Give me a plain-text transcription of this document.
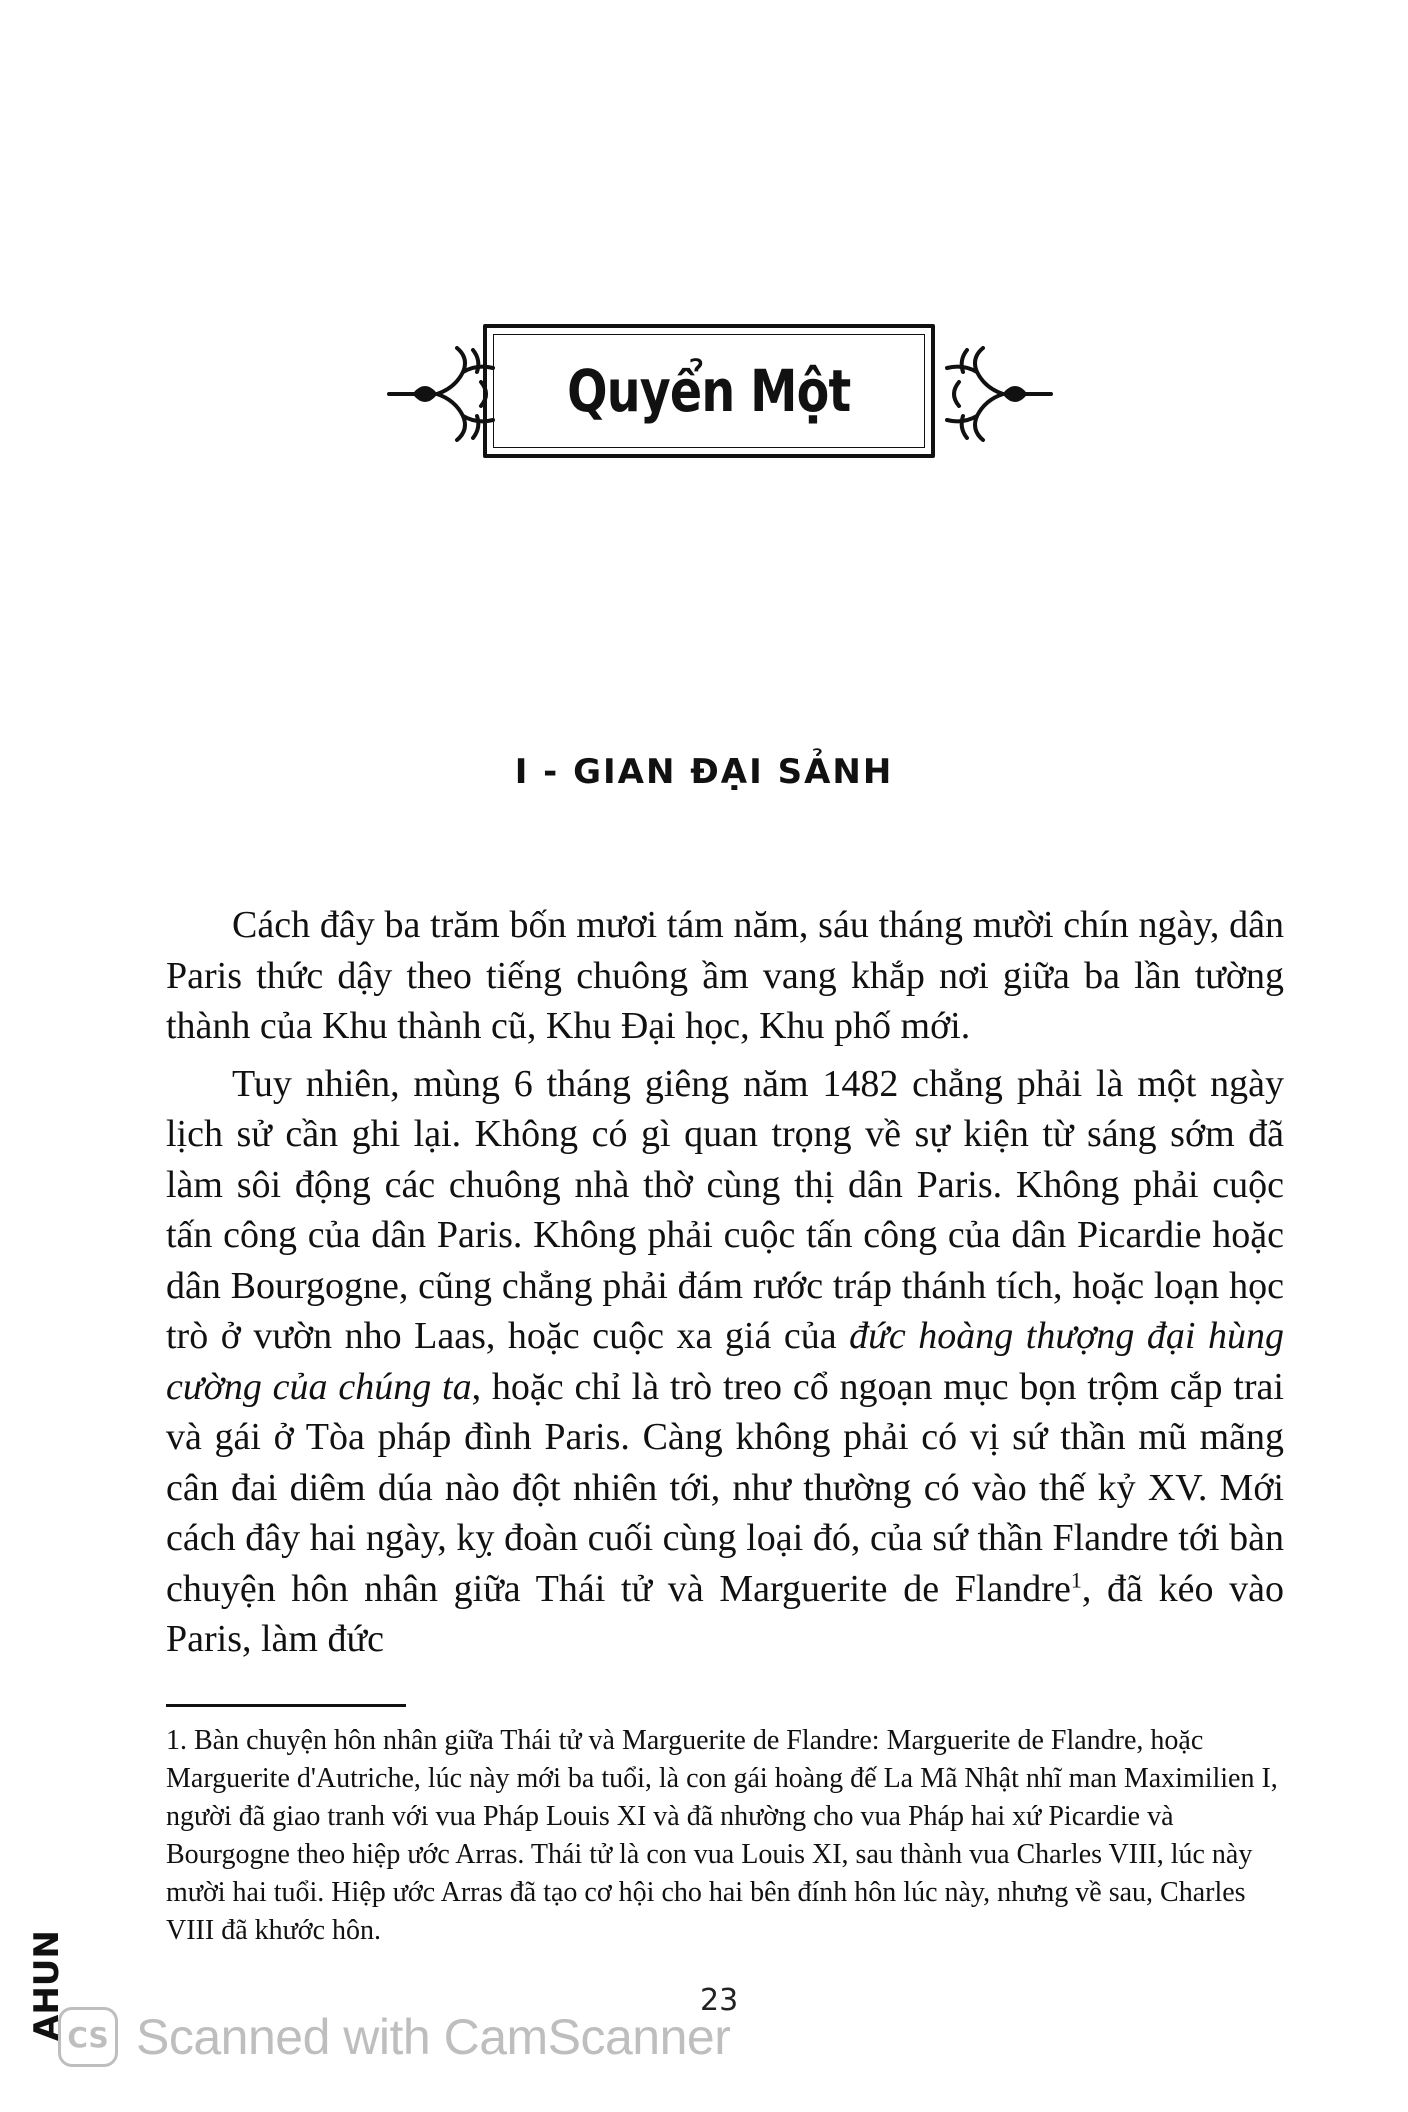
Quyển Một
I - GIAN ĐẠI SẢNH

Cách đây ba trăm bốn mươi tám năm, sáu tháng mười chín ngày, dân Paris thức dậy theo tiếng chuông ầm vang khắp nơi giữa ba lần tường thành của Khu thành cũ, Khu Đại học, Khu phố mới.

Tuy nhiên, mùng 6 tháng giêng năm 1482 chẳng phải là một ngày lịch sử cần ghi lại. Không có gì quan trọng về sự kiện từ sáng sớm đã làm sôi động các chuông nhà thờ cùng thị dân Paris. Không phải cuộc tấn công của dân Paris. Không phải cuộc tấn công của dân Picardie hoặc dân Bourgogne, cũng chẳng phải đám rước tráp thánh tích, hoặc loạn học trò ở vườn nho Laas, hoặc cuộc xa giá của đức hoàng thượng đại hùng cường của chúng ta, hoặc chỉ là trò treo cổ ngoạn mục bọn trộm cắp trai và gái ở Tòa pháp đình Paris. Càng không phải có vị sứ thần mũ mãng cân đai diêm dúa nào đột nhiên tới, như thường có vào thế kỷ XV. Mới cách đây hai ngày, kỵ đoàn cuối cùng loại đó, của sứ thần Flandre tới bàn chuyện hôn nhân giữa Thái tử và Marguerite de Flandre$^1$, đã kéo vào Paris, làm đức

1. Bàn chuyện hôn nhân giữa Thái tử và Marguerite de Flandre: Marguerite de Flandre, hoặc Marguerite d'Autriche, lúc này mới ba tuổi, là con gái hoàng đế La Mã Nhật nhĩ man Maximilien I, người đã giao tranh với vua Pháp Louis XI và đã nhường cho vua Pháp hai xứ Picardie và Bourgogne theo hiệp ước Arras. Thái tử là con vua Louis XI, sau thành vua Charles VIII, lúc này mười hai tuổi. Hiệp ước Arras đã tạo cơ hội cho hai bên đính hôn lúc này, nhưng về sau, Charles VIII đã khước hôn.
AHUN	23
CS Scanned with CamScanner
